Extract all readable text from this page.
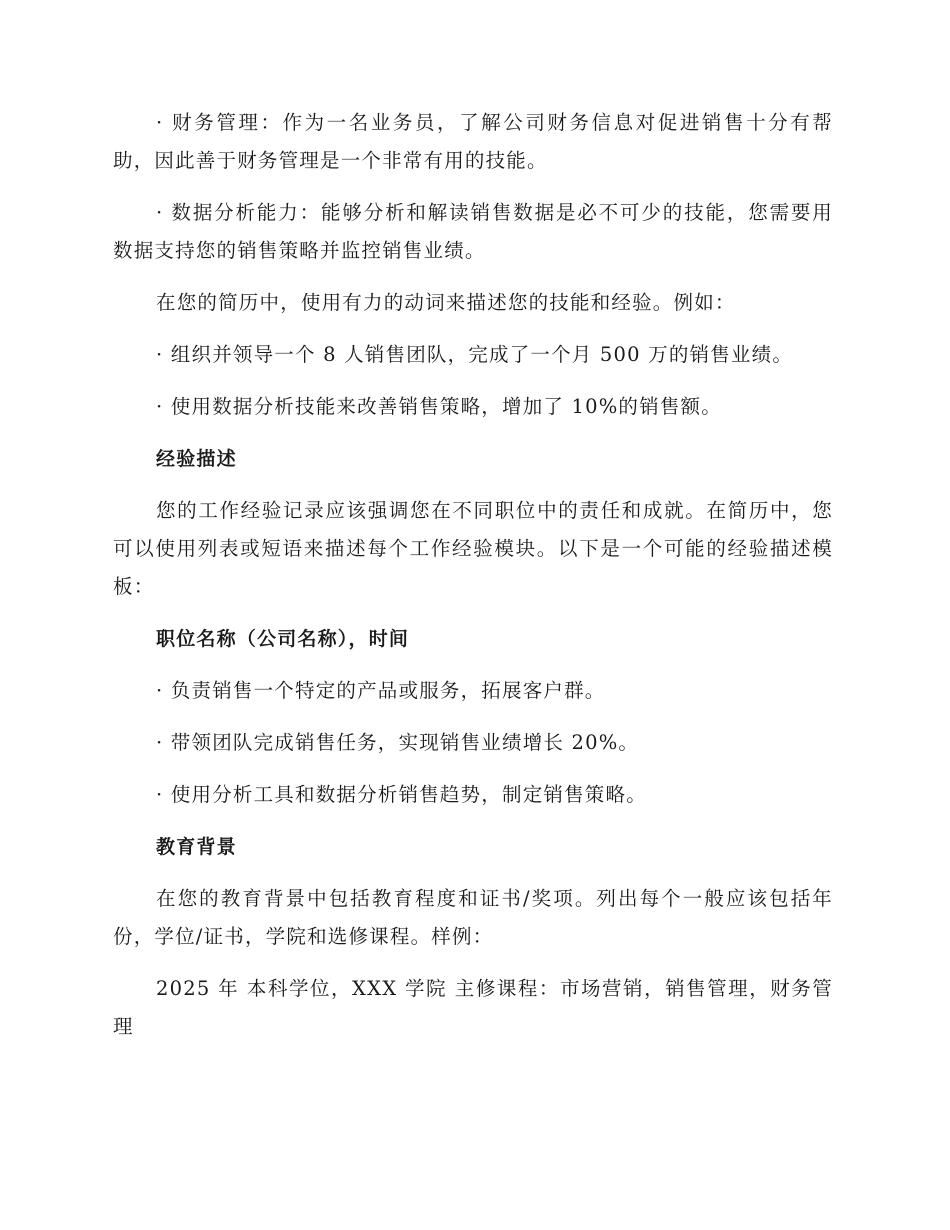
· 财务管理：作为一名业务员，了解公司财务信息对促进销售十分有帮助，因此善于财务管理是一个非常有用的技能。

· 数据分析能力：能够分析和解读销售数据是必不可少的技能，您需要用数据支持您的销售策略并监控销售业绩。

在您的简历中，使用有力的动词来描述您的技能和经验。例如：

· 组织并领导一个 8 人销售团队，完成了一个月 500 万的销售业绩。

· 使用数据分析技能来改善销售策略，增加了 10%的销售额。

经验描述

您的工作经验记录应该强调您在不同职位中的责任和成就。在简历中，您可以使用列表或短语来描述每个工作经验模块。以下是一个可能的经验描述模板：

职位名称（公司名称），时间

· 负责销售一个特定的产品或服务，拓展客户群。

· 带领团队完成销售任务，实现销售业绩增长 20%。

· 使用分析工具和数据分析销售趋势，制定销售策略。

教育背景

在您的教育背景中包括教育程度和证书/奖项。列出每个一般应该包括年份，学位/证书，学院和选修课程。样例：

2025 年 本科学位，XXX 学院 主修课程：市场营销，销售管理，财务管理
